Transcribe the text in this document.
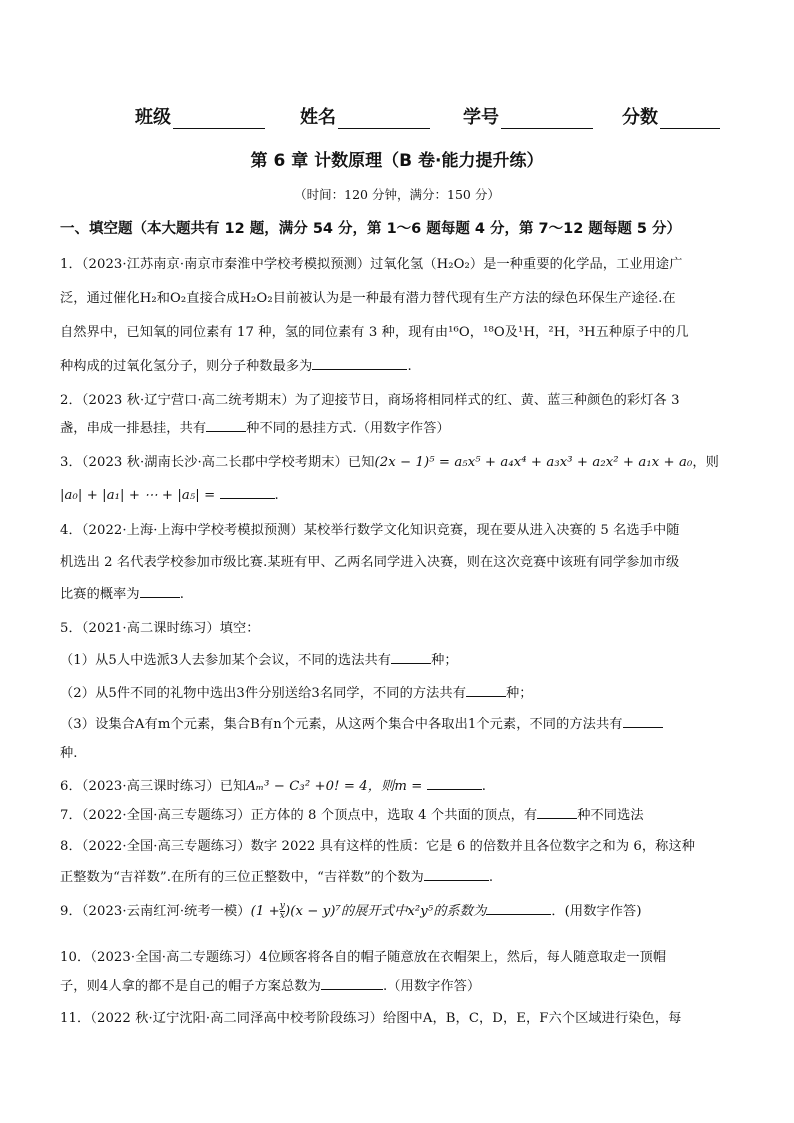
班级	姓名	学号	分数
第 6 章 计数原理（B 卷·能力提升练）
（时间：120 分钟，满分：150 分）
一、填空题（本大题共有 12 题，满分 54 分，第 1～6 题每题 4 分，第 7～12 题每题 5 分）
1．（2023·江苏南京·南京市秦淮中学校考模拟预测）过氧化氢（H₂O₂）是一种重要的化学品，工业用途广
泛，通过催化H₂和O₂直接合成H₂O₂目前被认为是一种最有潜力替代现有生产方法的绿色环保生产途径.在
自然界中，已知氧的同位素有 17 种，氢的同位素有 3 种，现有由¹⁶O，¹⁸O及¹H，²H，³H五种原子中的几
种构成的过氧化氢分子，则分子种数最多为	.
2．（2023 秋·辽宁营口·高二统考期末）为了迎接节日，商场将相同样式的红、黄、蓝三种颜色的彩灯各 3
盏，串成一排悬挂，共有	种不同的悬挂方式.（用数字作答）
3．（2023 秋·湖南长沙·高二长郡中学校考期末）已知(2x − 1)⁵ = a₅x⁵ + a₄x⁴ + a₃x³ + a₂x² + a₁x + a₀，则
|a₀| + |a₁| + ⋯ + |a₅| =	.
4．（2022·上海·上海中学校考模拟预测）某校举行数学文化知识竞赛，现在要从进入决赛的 5 名选手中随
机选出 2 名代表学校参加市级比赛.某班有甲、乙两名同学进入决赛，则在这次竞赛中该班有同学参加市级
比赛的概率为	.
5．（2021·高二课时练习）填空：
（1）从5人中选派3人去参加某个会议，不同的选法共有	种；
（2）从5件不同的礼物中选出3件分别送给3名同学，不同的方法共有	种；
（3）设集合A有m个元素，集合B有n个元素，从这两个集合中各取出1个元素，不同的方法共有
种.
6．（2023·高三课时练习）已知Aₘ³ − C₃² +0! = 4，则m =	.
7．（2022·全国·高三专题练习）正方体的 8 个顶点中，选取 4 个共面的顶点，有	种不同选法
8．（2022·全国·高三专题练习）数字 2022 具有这样的性质：它是 6 的倍数并且各位数字之和为 6，称这种
正整数为“吉祥数”.在所有的三位正整数中，“吉祥数”的个数为	.
9．（2023·云南红河·统考一模）$(1 + \frac{y}{x} )(x - y)^7$的展开式中x²y⁵的系数为	．(用数字作答)
10．（2023·全国·高二专题练习）4位顾客将各自的帽子随意放在衣帽架上，然后，每人随意取走一顶帽
子，则4人拿的都不是自己的帽子方案总数为	.（用数字作答）
11．（2022 秋·辽宁沈阳·高二同泽高中校考阶段练习）给图中A，B，C，D，E，F六个区域进行染色，每
